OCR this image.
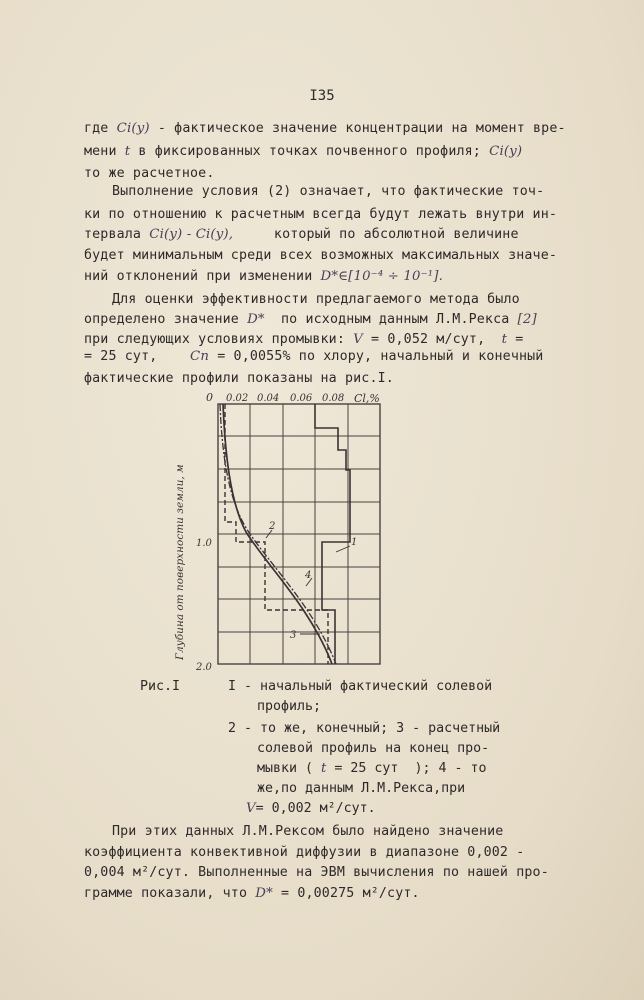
I35
где Ci(y) - фактическое значение концентрации на момент вре-
мени t в фиксированных точках почвенного профиля; Ci(y)
то же расчетное.
Выполнение условия (2) означает, что фактические точ-
ки по отношению к расчетным всегда будут лежать внутри ин-
тервала Ci(y) - Ci(y),     который по абсолютной величине
будет минимальным среди всех возможных максимальных значе-
ний отклонений при изменении D*∈[10⁻⁴ ÷ 10⁻¹].
Для оценки эффективности предлагаемого метода было
определено значение D*  по исходным данным Л.М.Рекса [2]
при следующих условиях промывки: V = 0,052 м/сут,  t =
= 25 сут,    Cп = 0,0055% по хлору, начальный и конечный
фактические профили показаны на рис.I.
0 0.02 0.04 0.06 0.08 Cl,%
1.0
2.0
Глубина от поверхности земли, м	1
2
3
4
Рис.I	I - начальный фактический солевой
профиль;
2 - то же, конечный; 3 - расчетный
солевой профиль на конец про-
мывки ( t = 25 сут  ); 4 - то
же,по данным Л.М.Рекса,при
V= 0,002 м²/сут.
При этих данных Л.М.Рексом было найдено значение
коэффициента конвективной диффузии в диапазоне 0,002 -
0,004 м²/сут. Выполненные на ЭВМ вычисления по нашей про-
грамме показали, что D* = 0,00275 м²/сут.
